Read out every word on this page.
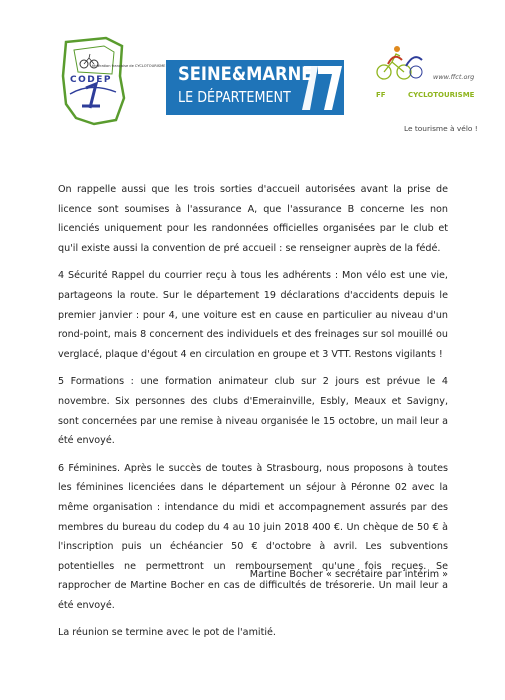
fédération française de CYCLOTOURISME
CODEP	SEINE&MARNE
LE DÉPARTEMENT
www.ffct.org
FF	CYCLOTOURISME
Le tourisme à vélo !

On rappelle aussi que les trois sorties d'accueil autorisées avant la prise de licence sont soumises à l'assurance A, que l'assurance B concerne les non licenciés uniquement pour les randonnées officielles organisées par le club et qu'il existe aussi la convention de pré accueil : se renseigner auprès de la fédé.

4 Sécurité Rappel du courrier reçu à tous les adhérents : Mon vélo est une vie, partageons la route. Sur le département 19 déclarations d'accidents depuis le premier janvier : pour 4, une voiture est en cause en particulier au niveau d'un rond-point, mais 8 concernent des individuels et des freinages sur sol mouillé ou verglacé, plaque d'égout 4 en circulation en groupe et 3 VTT. Restons vigilants !

5 Formations : une formation animateur club sur 2 jours est prévue le 4 novembre. Six personnes des clubs d'Emerainville, Esbly, Meaux et Savigny, sont concernées par une remise à niveau organisée le 15 octobre, un mail leur a été envoyé.

6 Féminines. Après le succès de toutes à Strasbourg, nous proposons à toutes les féminines licenciées dans le département un séjour à Péronne 02 avec la même organisation : intendance du midi et accompagnement assurés par des membres du bureau du codep du 4 au 10 juin 2018 400 €. Un chèque de 50 € à l'inscription puis un échéancier 50 € d'octobre à avril. Les subventions potentielles ne permettront un remboursement qu'une fois reçues. Se rapprocher de Martine Bocher en cas de difficultés de trésorerie. Un mail leur a été envoyé.

La réunion se termine avec le pot de l'amitié.

Martine Bocher « secrétaire par intérim »
